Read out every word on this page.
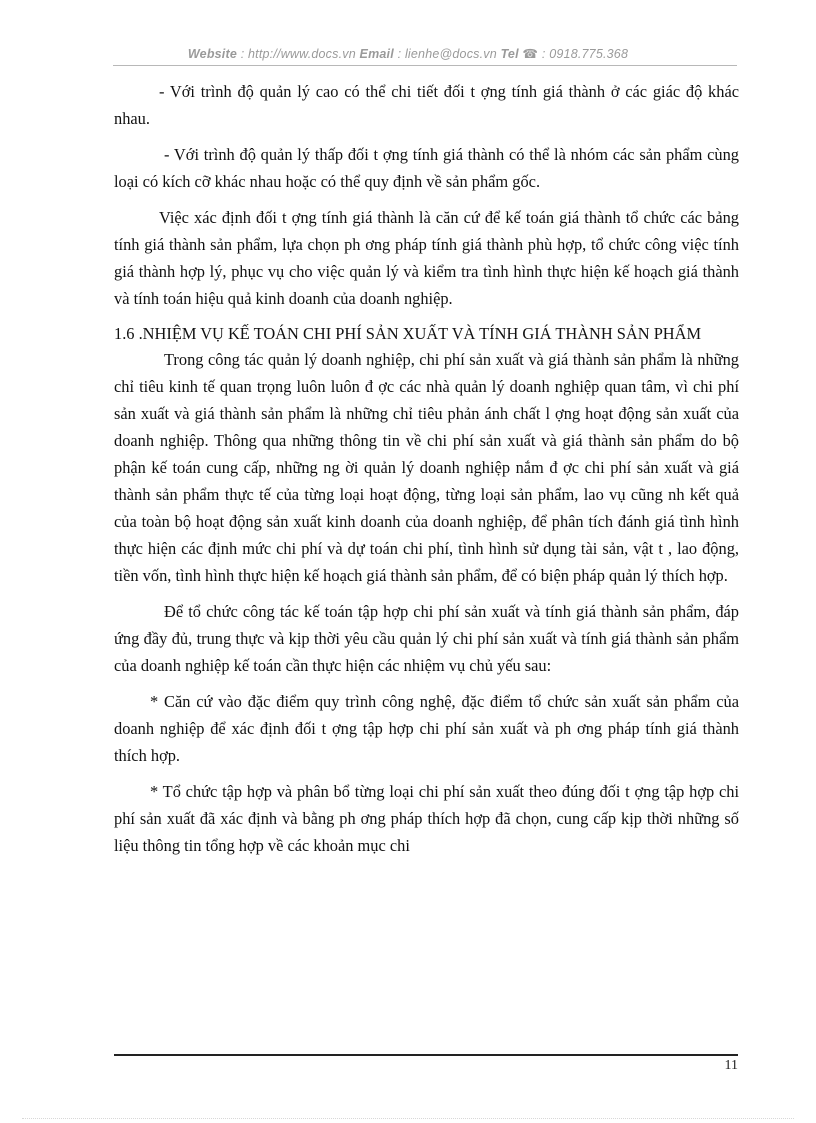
Website : http://www.docs.vn Email : lienhe@docs.vn Tel ☎ : 0918.775.368

- Với trình độ quản lý cao có thể chi tiết đối t ợng tính giá thành ở các giác độ khác nhau.

- Với trình độ quản lý thấp đối t ợng tính giá thành có thể là nhóm các sản phẩm cùng loại có kích cỡ khác nhau hoặc có thể quy định về sản phẩm gốc.

Việc xác định đối t ợng tính giá thành là căn cứ để kế toán giá thành tổ chức các bảng tính giá thành sản phẩm, lựa chọn ph ơng pháp tính giá thành phù hợp, tổ chức công việc tính giá thành hợp lý, phục vụ cho việc quản lý và kiểm tra tình hình thực hiện kế hoạch giá thành và tính toán hiệu quả kinh doanh của doanh nghiệp.

1.6 .NHIỆM VỤ KẾ TOÁN CHI PHÍ SẢN XUẤT VÀ TÍNH GIÁ THÀNH SẢN PHẨM

Trong công tác quản lý doanh nghiệp, chi phí sản xuất và giá thành sản phẩm là những chỉ tiêu kinh tế quan trọng luôn luôn đ ợc các nhà quản lý doanh nghiệp quan tâm, vì chi phí sản xuất và giá thành sản phẩm là những chỉ tiêu phản ánh chất l ợng hoạt động sản xuất của doanh nghiệp. Thông qua những thông tin về chi phí sản xuất và giá thành sản phẩm do bộ phận kế toán cung cấp, những ng ời quản lý doanh nghiệp nắm đ ợc chi phí sản xuất và giá thành sản phẩm thực tế của từng loại hoạt động, từng loại sản phẩm, lao vụ cũng nh kết quả của toàn bộ hoạt động sản xuất kinh doanh của doanh nghiệp, để phân tích đánh giá tình hình thực hiện các định mức chi phí và dự toán chi phí, tình hình sử dụng tài sản, vật t , lao động, tiền vốn, tình hình thực hiện kế hoạch giá thành sản phẩm, để có biện pháp quản lý thích hợp.

Để tổ chức công tác kế toán tập hợp chi phí sản xuất và tính giá thành sản phẩm, đáp ứng đầy đủ, trung thực và kịp thời yêu cầu quản lý chi phí sản xuất và tính giá thành sản phẩm của doanh nghiệp kế toán cần thực hiện các nhiệm vụ chủ yếu sau:

* Căn cứ vào đặc điểm quy trình công nghệ, đặc điểm tổ chức sản xuất sản phẩm của doanh nghiệp để xác định đối t ợng tập hợp chi phí sản xuất và ph ơng pháp tính giá thành thích hợp.

* Tổ chức tập hợp và phân bổ từng loại chi phí sản xuất theo đúng đối t ợng tập hợp chi phí sản xuất đã xác định và bằng ph ơng pháp thích hợp đã chọn, cung cấp kịp thời những số liệu thông tin tổng hợp về các khoản mục chi

11
